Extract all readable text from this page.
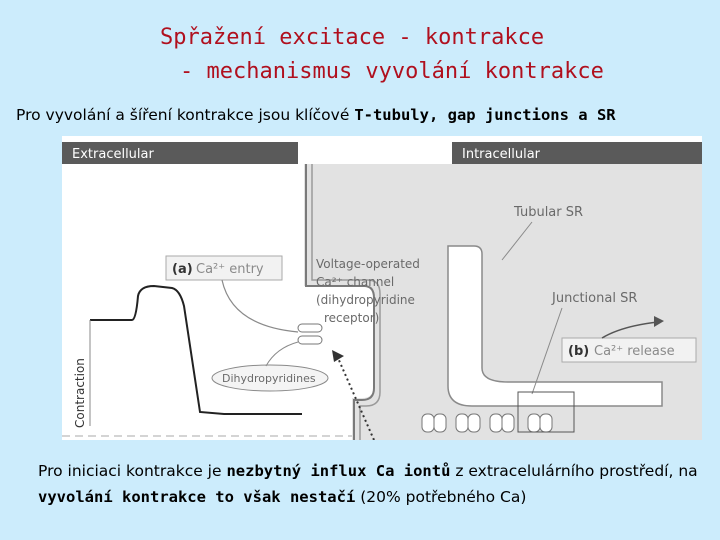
Spřažení excitace - kontrakce
- mechanismus vyvolání kontrakce
Pro vyvolání a šíření kontrakce jsou klíčové T-tubuly, gap junctions a SR
Extracellular	Intracellular
Tubular SR
Junctional SR
Voltage-operated
Ca²⁺ channel
(dihydropyridine
receptor)
(a) Ca²⁺ entry
(b) Ca²⁺ release
Dihydropyridines
Contraction
Pro iniciaci kontrakce je nezbytný influx Ca iontů z extracelulárního prostředí, na vyvolání kontrakce to však nestačí (20% potřebného Ca)
